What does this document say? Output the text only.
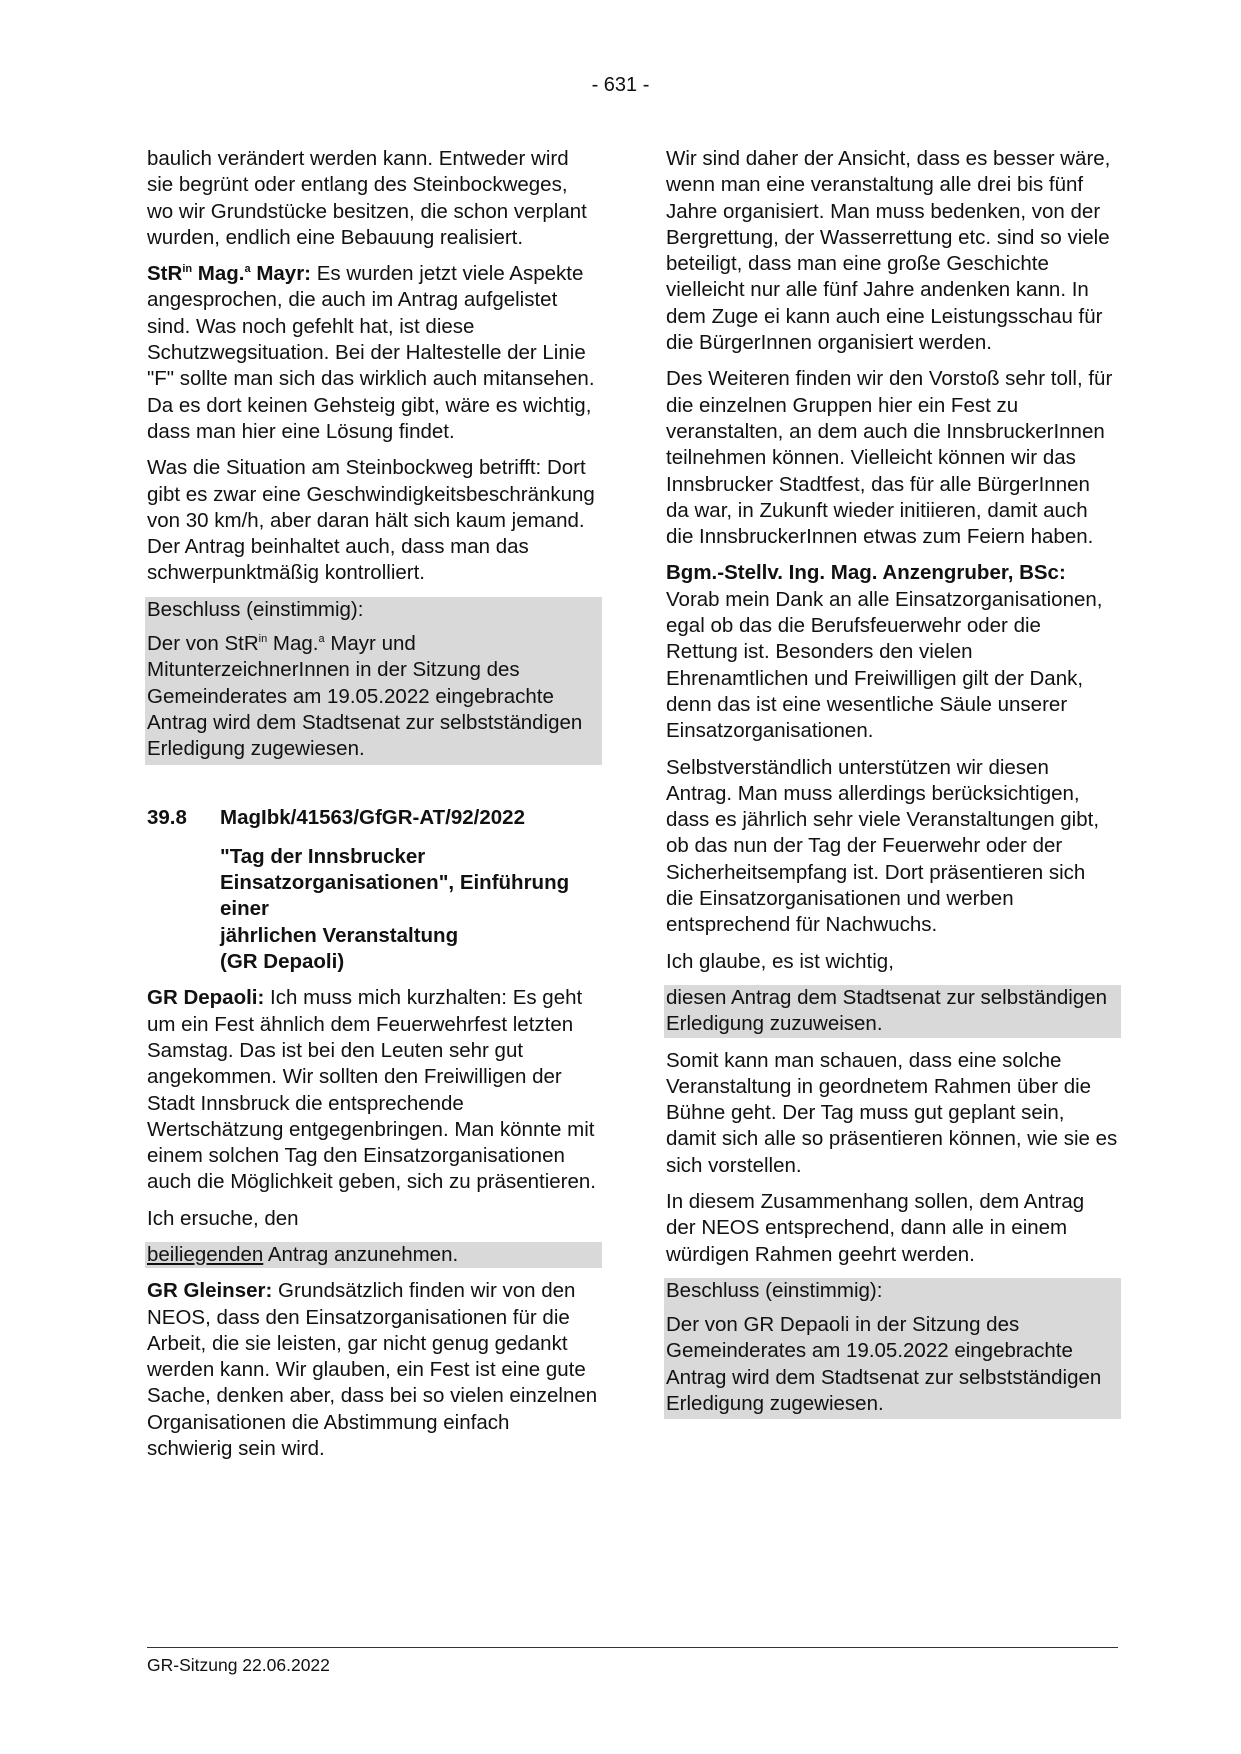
- 631 -

baulich verändert werden kann. Entweder wird sie begrünt oder entlang des Steinbockweges, wo wir Grundstücke besitzen, die schon verplant wurden, endlich eine Bebauung realisiert.

StR$^{in}$ Mag.$^a$ Mayr: Es wurden jetzt viele Aspekte angesprochen, die auch im Antrag aufgelistet sind. Was noch gefehlt hat, ist diese Schutzwegsituation. Bei der Haltestelle der Linie "F" sollte man sich das wirklich auch mitansehen. Da es dort keinen Gehsteig gibt, wäre es wichtig, dass man hier eine Lösung findet.

Was die Situation am Steinbockweg betrifft: Dort gibt es zwar eine Geschwindigkeitsbeschränkung von 30 km/h, aber daran hält sich kaum jemand. Der Antrag beinhaltet auch, dass man das schwerpunktmäßig kontrolliert.

Beschluss (einstimmig):

Der von StR$^{in}$ Mag.$^a$ Mayr und MitunterzeichnerInnen in der Sitzung des Gemeinderates am 19.05.2022 eingebrachte Antrag wird dem Stadtsenat zur selbstständigen Erledigung zugewiesen.

39.8	MagIbk/41563/GfGR-AT/92/2022
"Tag der Innsbrucker Einsatzorganisationen", Einführung einer
jährlichen Veranstaltung
(GR Depaoli)

GR Depaoli: Ich muss mich kurzhalten: Es geht um ein Fest ähnlich dem Feuerwehrfest letzten Samstag. Das ist bei den Leuten sehr gut angekommen. Wir sollten den Freiwilligen der Stadt Innsbruck die entsprechende Wertschätzung entgegenbringen. Man könnte mit einem solchen Tag den Einsatzorganisationen auch die Möglichkeit geben, sich zu präsentieren.

Ich ersuche, den

beiliegenden Antrag anzunehmen.

GR Gleinser: Grundsätzlich finden wir von den NEOS, dass den Einsatzorganisationen für die Arbeit, die sie leisten, gar nicht genug gedankt werden kann. Wir glauben, ein Fest ist eine gute Sache, denken aber, dass bei so vielen einzelnen Organisationen die Abstimmung einfach schwierig sein wird.

Wir sind daher der Ansicht, dass es besser wäre, wenn man eine veranstaltung alle drei bis fünf Jahre organisiert. Man muss bedenken, von der Bergrettung, der Wasserrettung etc. sind so viele beteiligt, dass man eine große Geschichte vielleicht nur alle fünf Jahre andenken kann. In dem Zuge ei kann auch eine Leistungsschau für die BürgerInnen organisiert werden.

Des Weiteren finden wir den Vorstoß sehr toll, für die einzelnen Gruppen hier ein Fest zu veranstalten, an dem auch die InnsbruckerInnen teilnehmen können. Vielleicht können wir das Innsbrucker Stadtfest, das für alle BürgerInnen da war, in Zukunft wieder initiieren, damit auch die InnsbruckerInnen etwas zum Feiern haben.

Bgm.-Stellv. Ing. Mag. Anzengruber, BSc: Vorab mein Dank an alle Einsatzorganisationen, egal ob das die Berufsfeuerwehr oder die Rettung ist. Besonders den vielen Ehrenamtlichen und Freiwilligen gilt der Dank, denn das ist eine wesentliche Säule unserer Einsatzorganisationen.

Selbstverständlich unterstützen wir diesen Antrag. Man muss allerdings berücksichtigen, dass es jährlich sehr viele Veranstaltungen gibt, ob das nun der Tag der Feuerwehr oder der Sicherheitsempfang ist. Dort präsentieren sich die Einsatzorganisationen und werben entsprechend für Nachwuchs.

Ich glaube, es ist wichtig,

diesen Antrag dem Stadtsenat zur selbständigen Erledigung zuzuweisen.

Somit kann man schauen, dass eine solche Veranstaltung in geordnetem Rahmen über die Bühne geht. Der Tag muss gut geplant sein, damit sich alle so präsentieren können, wie sie es sich vorstellen.

In diesem Zusammenhang sollen, dem Antrag der NEOS entsprechend, dann alle in einem würdigen Rahmen geehrt werden.

Beschluss (einstimmig):

Der von GR Depaoli in der Sitzung des Gemeinderates am 19.05.2022 eingebrachte Antrag wird dem Stadtsenat zur selbstständigen Erledigung zugewiesen.

GR-Sitzung 22.06.2022
